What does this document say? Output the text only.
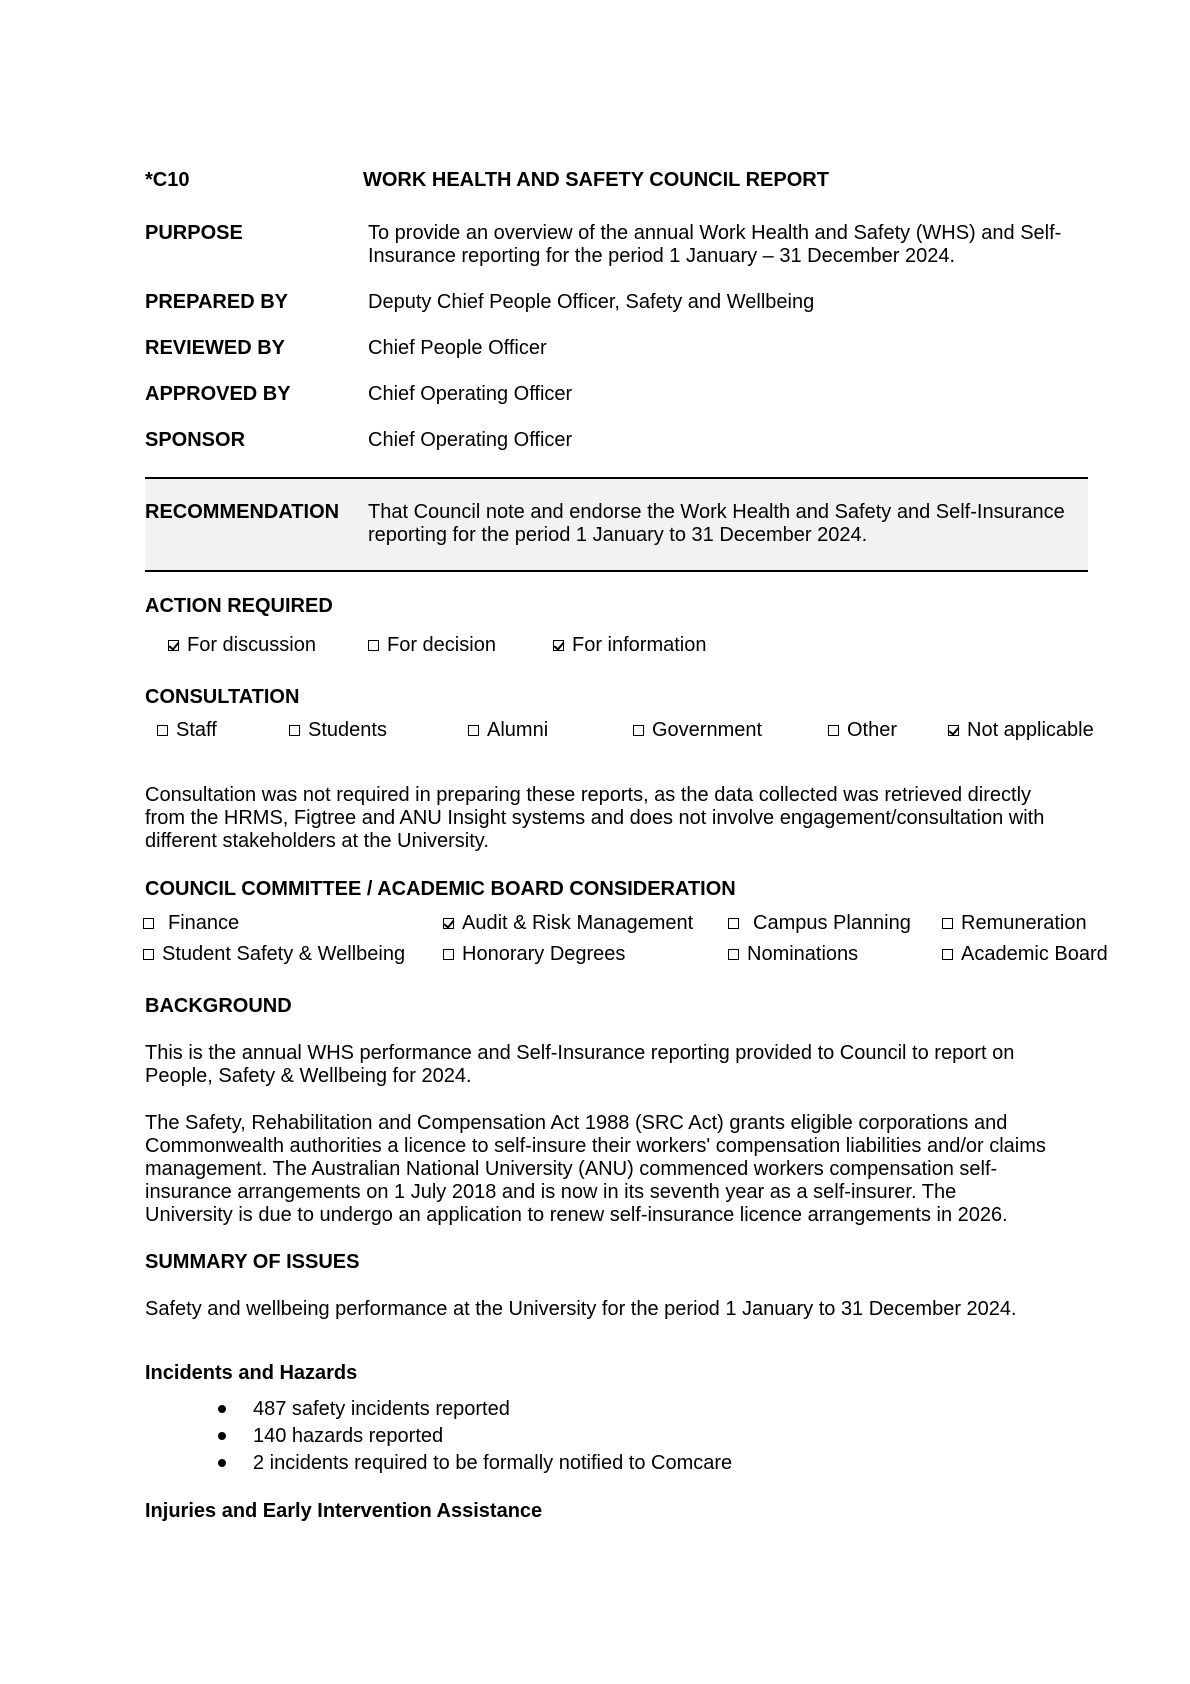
*C10	WORK HEALTH AND SAFETY COUNCIL REPORT
PURPOSE	To provide an overview of the annual Work Health and Safety (WHS) and Self-
Insurance reporting for the period 1 January – 31 December 2024.
PREPARED BY	Deputy Chief People Officer, Safety and Wellbeing
REVIEWED BY	Chief People Officer
APPROVED BY	Chief Operating Officer
SPONSOR	Chief Operating Officer
RECOMMENDATION That Council note and endorse the Work Health and Safety and Self-Insurance
reporting for the period 1 January to 31 December 2024.
ACTION REQUIRED
For discussion	For decision	For information
CONSULTATION
Staff	Students	Alumni	Government	Other	Not applicable
Consultation was not required in preparing these reports, as the data collected was retrieved directly
from the HRMS, Figtree and ANU Insight systems and does not involve engagement/consultation with
different stakeholders at the University.
COUNCIL COMMITTEE / ACADEMIC BOARD CONSIDERATION
Finance	Audit & Risk Management	Campus Planning	Remuneration
Student Safety & Wellbeing	Honorary Degrees	Nominations	Academic Board
BACKGROUND
This is the annual WHS performance and Self-Insurance reporting provided to Council to report on
People, Safety & Wellbeing for 2024.
The Safety, Rehabilitation and Compensation Act 1988 (SRC Act) grants eligible corporations and
Commonwealth authorities a licence to self-insure their workers' compensation liabilities and/or claims
management. The Australian National University (ANU) commenced workers compensation self-
insurance arrangements on 1 July 2018 and is now in its seventh year as a self-insurer. The
University is due to undergo an application to renew self-insurance licence arrangements in 2026.
SUMMARY OF ISSUES
Safety and wellbeing performance at the University for the period 1 January to 31 December 2024.
Incidents and Hazards
487 safety incidents reported
140 hazards reported
2 incidents required to be formally notified to Comcare
Injuries and Early Intervention Assistance
